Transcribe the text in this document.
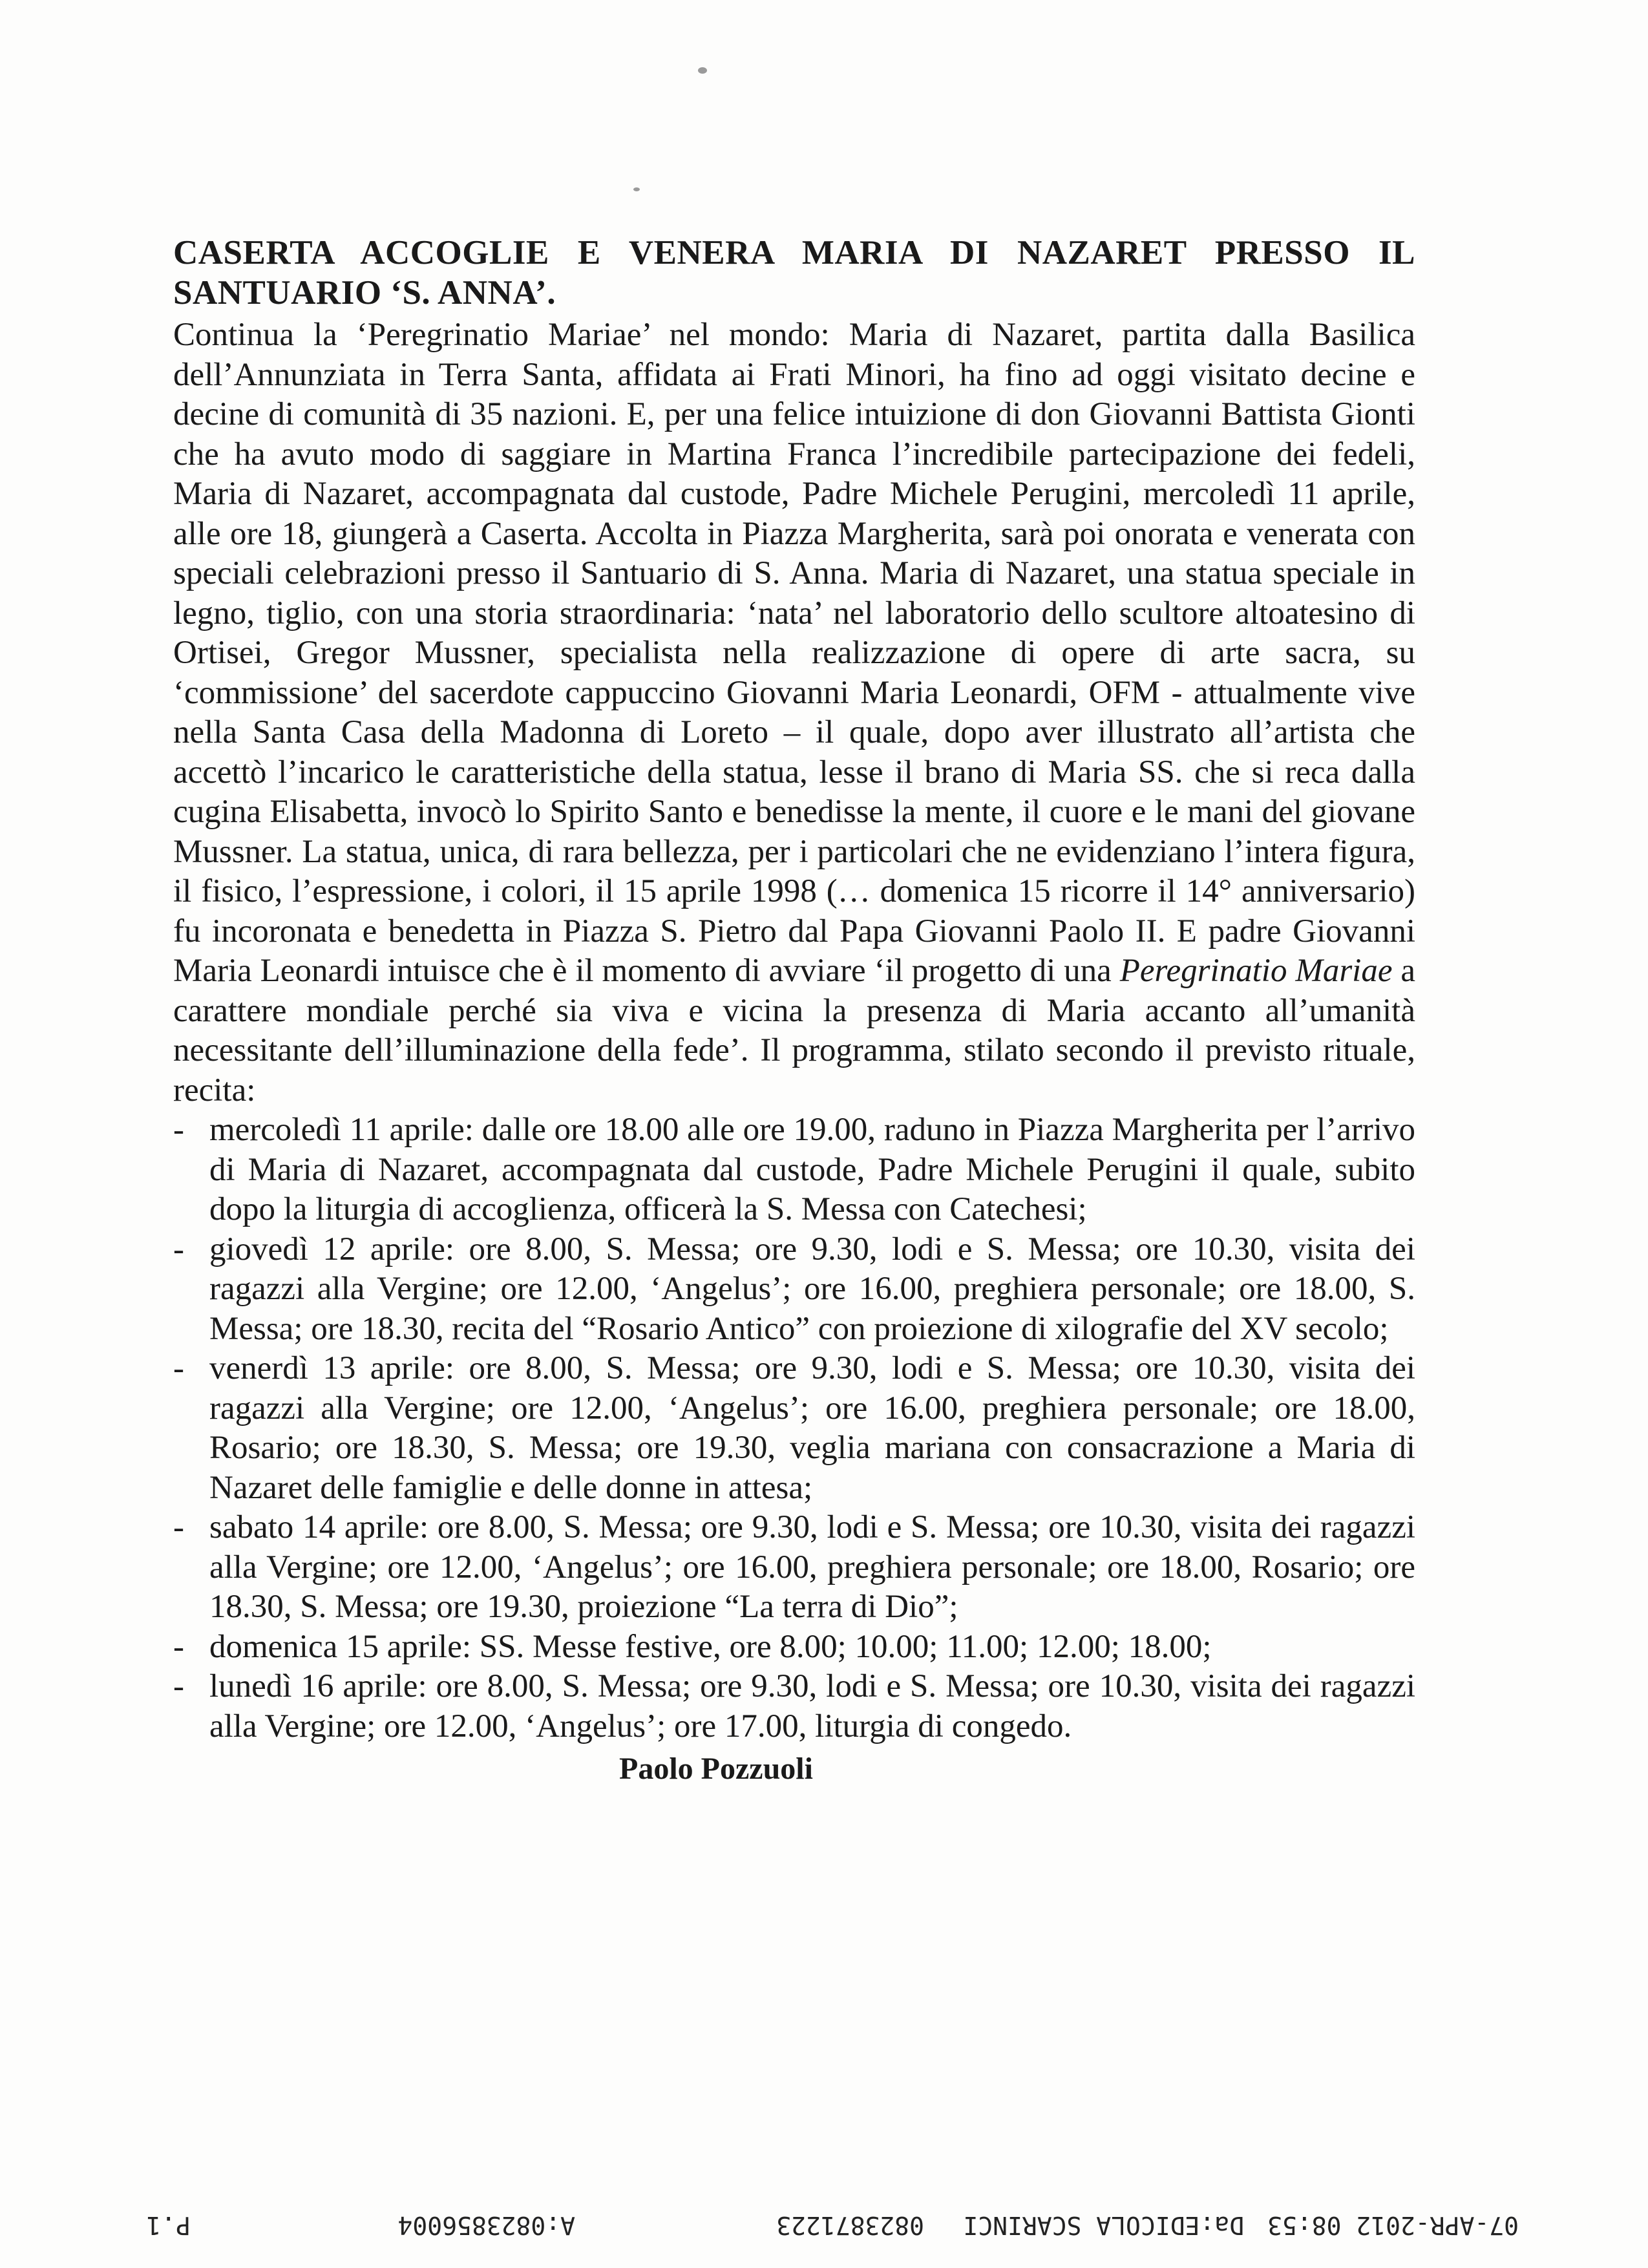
CASERTA ACCOGLIE E VENERA MARIA DI NAZARET PRESSO IL SANTUARIO ‘S. ANNA’.

Continua la ‘Peregrinatio Mariae’ nel mondo: Maria di Nazaret, partita dalla Basilica dell’Annunziata in Terra Santa, affidata ai Frati Minori, ha fino ad oggi visitato decine e decine di comunità di 35 nazioni. E, per una felice intuizione di don Giovanni Battista Gionti che ha avuto modo di saggiare in Martina Franca l’incredibile partecipazione dei fedeli, Maria di Nazaret, accompagnata dal custode, Padre Michele Perugini, mercoledì 11 aprile, alle ore 18, giungerà a Caserta. Accolta in Piazza Margherita, sarà poi onorata e venerata con speciali celebrazioni presso il Santuario di S. Anna. Maria di Nazaret, una statua speciale in legno, tiglio, con una storia straordinaria: ‘nata’ nel laboratorio dello scultore altoatesino di Ortisei, Gregor Mussner, specialista nella realizzazione di opere di arte sacra, su ‘commissione’ del sacerdote cappuccino Giovanni Maria Leonardi, OFM - attualmente vive nella Santa Casa della Madonna di Loreto – il quale, dopo aver illustrato all’artista che accettò l’incarico le caratteristiche della statua, lesse il brano di Maria SS. che si reca dalla cugina Elisabetta, invocò lo Spirito Santo e benedisse la mente, il cuore e le mani del giovane Mussner. La statua, unica, di rara bellezza, per i particolari che ne evidenziano l’intera figura, il fisico, l’espressione, i colori, il 15 aprile 1998 (… domenica 15 ricorre il 14° anniversario) fu incoronata e benedetta in Piazza S. Pietro dal Papa Giovanni Paolo II. E padre Giovanni Maria Leonardi intuisce che è il momento di avviare ‘il progetto di una Peregrinatio Mariae a carattere mondiale perché sia viva e vicina la presenza di Maria accanto all’umanità necessitante dell’illuminazione della fede’. Il programma, stilato secondo il previsto rituale, recita:

- mercoledì 11 aprile: dalle ore 18.00 alle ore 19.00, raduno in Piazza Margherita per l’arrivo di Maria di Nazaret, accompagnata dal custode, Padre Michele Perugini il quale, subito dopo la liturgia di accoglienza, officerà la S. Messa con Catechesi;
- giovedì 12 aprile: ore 8.00, S. Messa; ore 9.30, lodi e S. Messa; ore 10.30, visita dei ragazzi alla Vergine; ore 12.00, ‘Angelus’; ore 16.00, preghiera personale; ore 18.00, S. Messa; ore 18.30, recita del “Rosario Antico” con proiezione di xilografie del XV secolo;
- venerdì 13 aprile: ore 8.00, S. Messa; ore 9.30, lodi e S. Messa; ore 10.30, visita dei ragazzi alla Vergine; ore 12.00, ‘Angelus’; ore 16.00, preghiera personale; ore 18.00, Rosario; ore 18.30, S. Messa; ore 19.30, veglia mariana con consacrazione a Maria di Nazaret delle famiglie e delle donne in attesa;
- sabato 14 aprile: ore 8.00, S. Messa; ore 9.30, lodi e S. Messa; ore 10.30, visita dei ragazzi alla Vergine; ore 12.00, ‘Angelus’; ore 16.00, preghiera personale; ore 18.00, Rosario; ore 18.30, S. Messa; ore 19.30, proiezione “La terra di Dio”;
- domenica 15 aprile: SS. Messe festive, ore 8.00; 10.00; 11.00; 12.00; 18.00;
- lunedì 16 aprile: ore 8.00, S. Messa; ore 9.30, lodi e S. Messa; ore 10.30, visita dei ragazzi alla Vergine; ore 12.00, ‘Angelus’; ore 17.00, liturgia di congedo.

Paolo Pozzuoli

07-APR-2012 08:53

Da:EDICOLA SCARINCI

0823871223

A:0823856004

P.1
